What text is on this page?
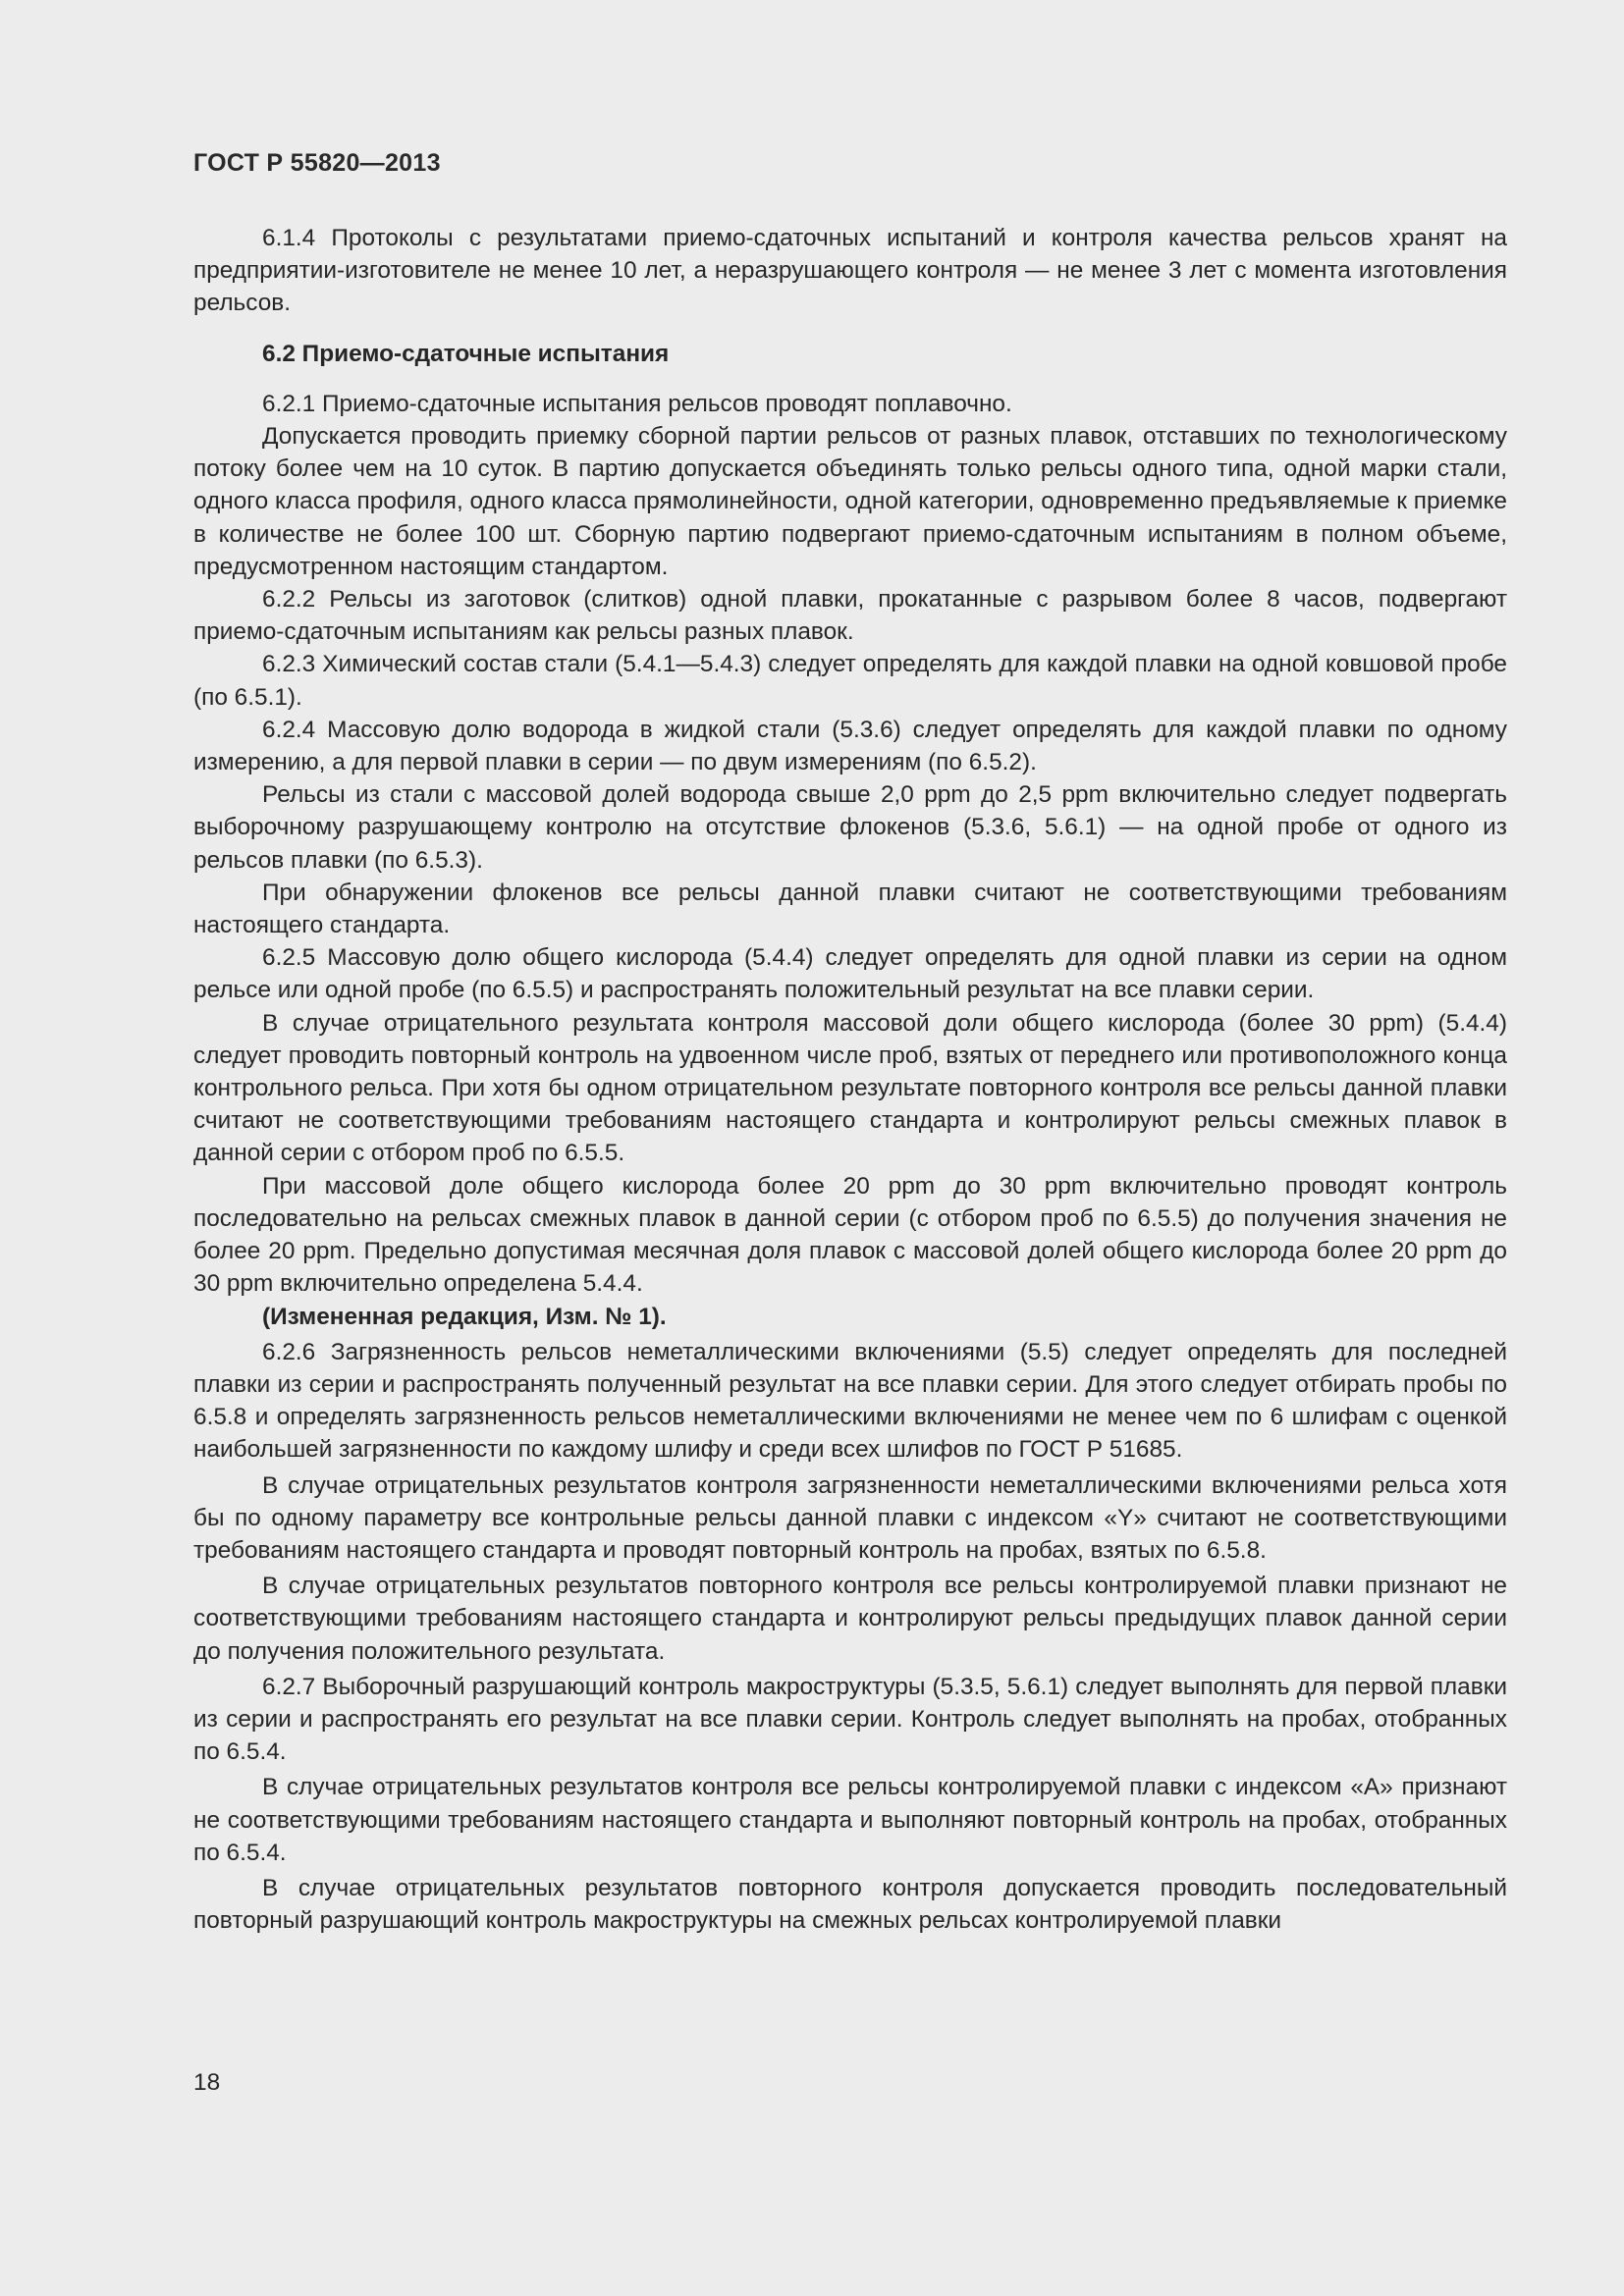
ГОСТ Р 55820—2013

6.1.4 Протоколы с результатами приемо-сдаточных испытаний и контроля качества рельсов хранят на предприятии-изготовителе не менее 10 лет, а неразрушающего контроля — не менее 3 лет с момента изготовления рельсов.

6.2 Приемо-сдаточные испытания

6.2.1 Приемо-сдаточные испытания рельсов проводят поплавочно.

Допускается проводить приемку сборной партии рельсов от разных плавок, отставших по технологическому потоку более чем на 10 суток. В партию допускается объединять только рельсы одного типа, одной марки стали, одного класса профиля, одного класса прямолинейности, одной категории, одновременно предъявляемые к приемке в количестве не более 100 шт. Сборную партию подвергают приемо-сдаточным испытаниям в полном объеме, предусмотренном настоящим стандартом.

6.2.2 Рельсы из заготовок (слитков) одной плавки, прокатанные с разрывом более 8 часов, подвергают приемо-сдаточным испытаниям как рельсы разных плавок.

6.2.3 Химический состав стали (5.4.1—5.4.3) следует определять для каждой плавки на одной ковшовой пробе (по 6.5.1).

6.2.4 Массовую долю водорода в жидкой стали (5.3.6) следует определять для каждой плавки по одному измерению, а для первой плавки в серии — по двум измерениям (по 6.5.2).

Рельсы из стали с массовой долей водорода свыше 2,0 ppm до 2,5 ppm включительно следует подвергать выборочному разрушающему контролю на отсутствие флокенов (5.3.6, 5.6.1) — на одной пробе от одного из рельсов плавки (по 6.5.3).

При обнаружении флокенов все рельсы данной плавки считают не соответствующими требованиям настоящего стандарта.

6.2.5 Массовую долю общего кислорода (5.4.4) следует определять для одной плавки из серии на одном рельсе или одной пробе (по 6.5.5) и распространять положительный результат на все плавки серии.

В случае отрицательного результата контроля массовой доли общего кислорода (более 30 ppm) (5.4.4) следует проводить повторный контроль на удвоенном числе проб, взятых от переднего или противоположного конца контрольного рельса. При хотя бы одном отрицательном результате повторного контроля все рельсы данной плавки считают не соответствующими требованиям настоящего стандарта и контролируют рельсы смежных плавок в данной серии с отбором проб по 6.5.5.

При массовой доле общего кислорода более 20 ppm до 30 ppm включительно проводят контроль последовательно на рельсах смежных плавок в данной серии (с отбором проб по 6.5.5) до получения значения не более 20 ppm. Предельно допустимая месячная доля плавок с массовой долей общего кислорода более 20 ppm до 30 ppm включительно определена 5.4.4.

(Измененная редакция, Изм. № 1).

6.2.6 Загрязненность рельсов неметаллическими включениями (5.5) следует определять для последней плавки из серии и распространять полученный результат на все плавки серии. Для этого следует отбирать пробы по 6.5.8 и определять загрязненность рельсов неметаллическими включениями не менее чем по 6 шлифам с оценкой наибольшей загрязненности по каждому шлифу и среди всех шлифов по ГОСТ Р 51685.

В случае отрицательных результатов контроля загрязненности неметаллическими включениями рельса хотя бы по одному параметру все контрольные рельсы данной плавки с индексом «Y» считают не соответствующими требованиям настоящего стандарта и проводят повторный контроль на пробах, взятых по 6.5.8.

В случае отрицательных результатов повторного контроля все рельсы контролируемой плавки признают не соответствующими требованиям настоящего стандарта и контролируют рельсы предыдущих плавок данной серии до получения положительного результата.

6.2.7 Выборочный разрушающий контроль макроструктуры (5.3.5, 5.6.1) следует выполнять для первой плавки из серии и распространять его результат на все плавки серии. Контроль следует выполнять на пробах, отобранных по 6.5.4.

В случае отрицательных результатов контроля все рельсы контролируемой плавки с индексом «А» признают не соответствующими требованиям настоящего стандарта и выполняют повторный контроль на пробах, отобранных по 6.5.4.

В случае отрицательных результатов повторного контроля допускается проводить последовательный повторный разрушающий контроль макроструктуры на смежных рельсах контролируемой плавки

18
